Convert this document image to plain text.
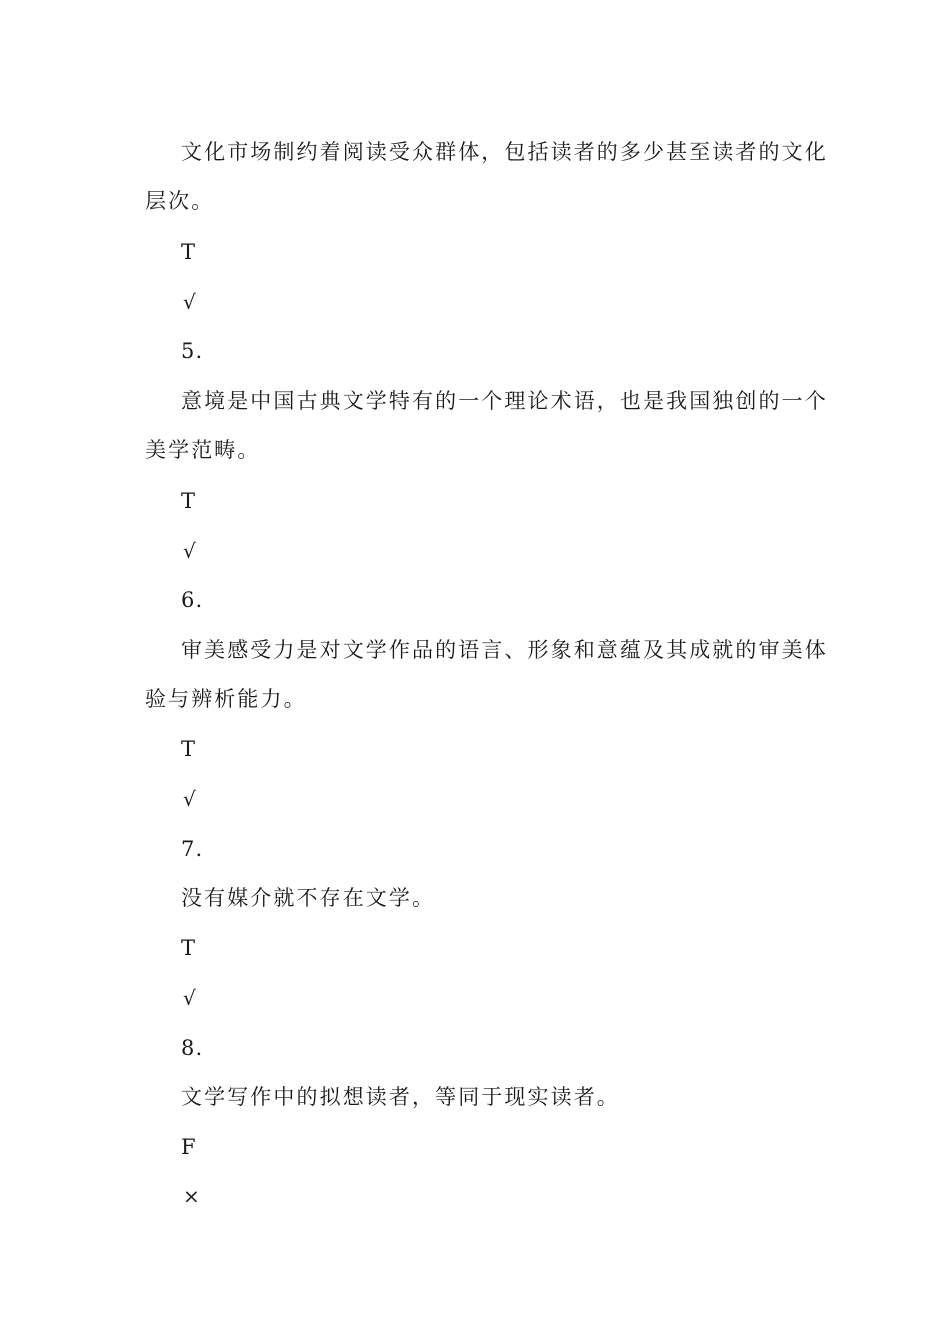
文化市场制约着阅读受众群体，包括读者的多少甚至读者的文化
层次。
T
√
5.
意境是中国古典文学特有的一个理论术语，也是我国独创的一个
美学范畴。
T
√
6.
审美感受力是对文学作品的语言、形象和意蕴及其成就的审美体
验与辨析能力。
T
√
7.
没有媒介就不存在文学。
T
√
8.
文学写作中的拟想读者，等同于现实读者。
F
×
